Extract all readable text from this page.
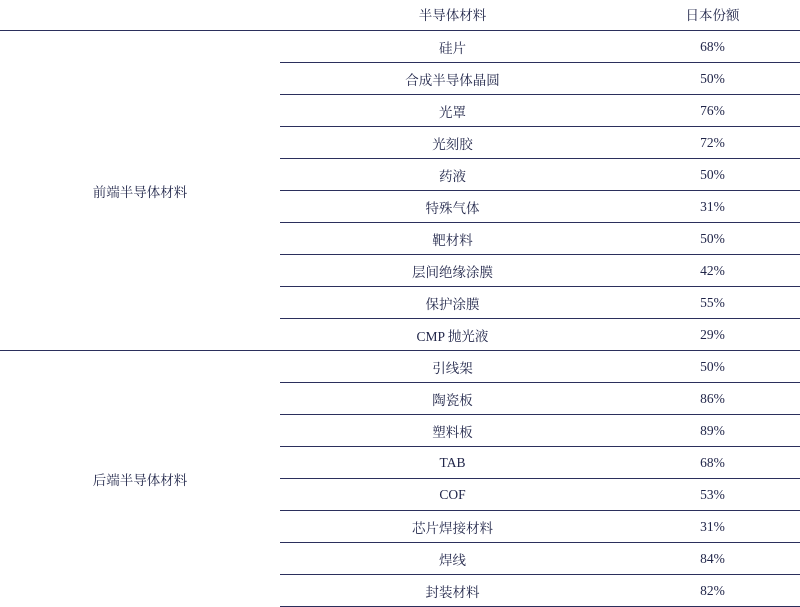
	半导体材料	日本份额
前端半导体材料	硅片	68%
	合成半导体晶圆	50%
	光罩	76%
	光刻胶	72%
	药液	50%
	特殊气体	31%
	靶材料	50%
	层间绝缘涂膜	42%
	保护涂膜	55%
	CMP 抛光液	29%
后端半导体材料	引线架	50%
	陶瓷板	86%
	塑料板	89%
	TAB	68%
	COF	53%
	芯片焊接材料	31%
	焊线	84%
	封装材料	82%
